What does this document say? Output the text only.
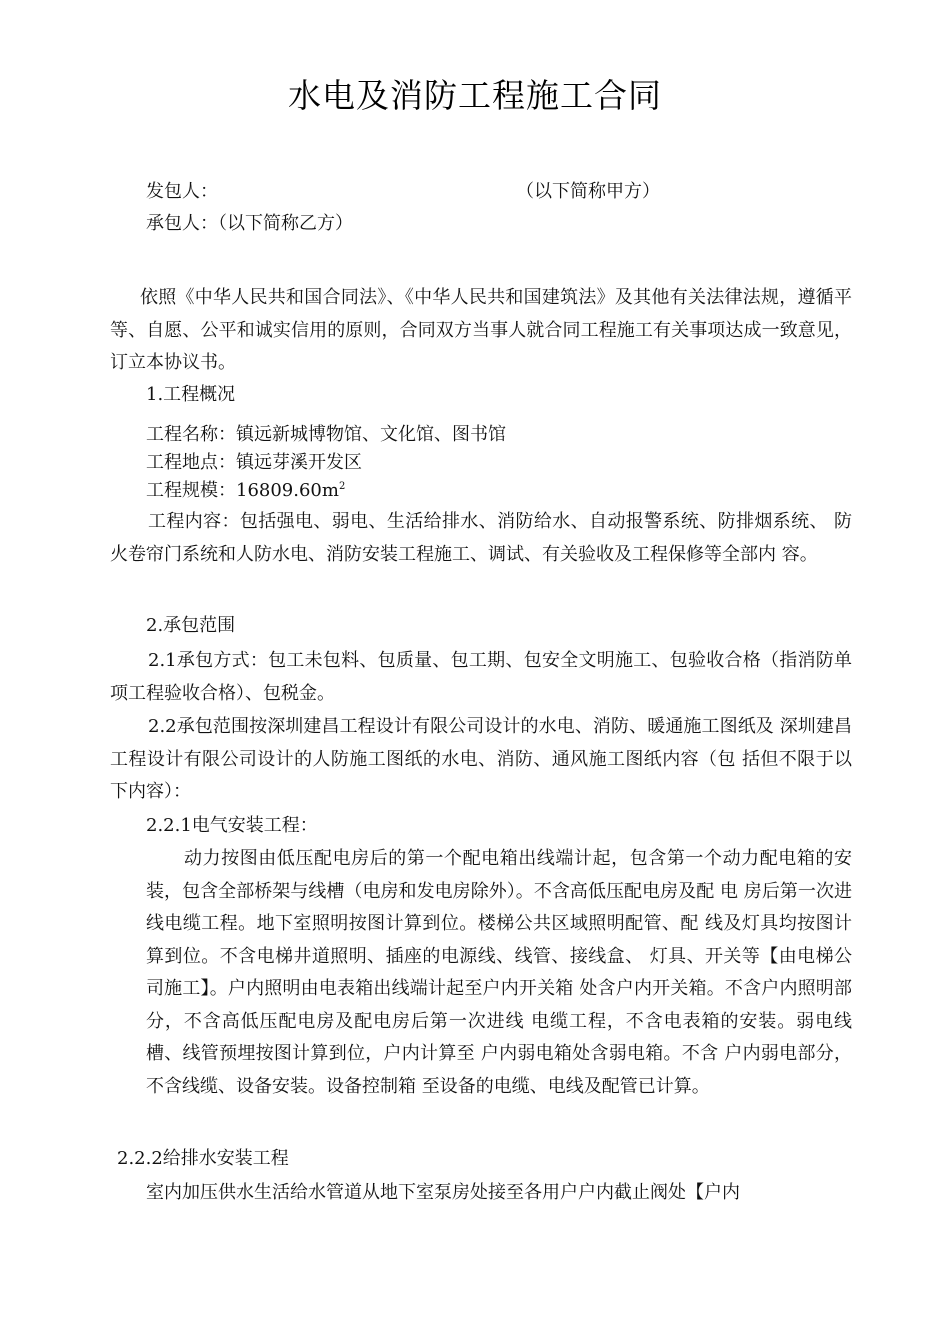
水电及消防工程施工合同
发包人：	（以下简称甲方）
承包人：（以下简称乙方）
依照《中华人民共和国合同法》、《中华人民共和国建筑法》及其他有关法律法规，遵循平等、自愿、公平和诚实信用的原则，合同双方当事人就合同工程施工有关事项达成一致意见，订立本协议书。
1.工程概况
工程名称：镇远新城博物馆、文化馆、图书馆
工程地点：镇远芽溪开发区
工程规模：$16809.60m^2$
工程内容：包括强电、弱电、生活给排水、消防给水、自动报警系统、防排烟系统、 防火卷帘门系统和人防水电、消防安装工程施工、调试、有关验收及工程保修等全部内 容。
2.承包范围
2.1承包方式：包工未包料、包质量、包工期、包安全文明施工、包验收合格（指消防单项工程验收合格）、包税金。
2.2承包范围按深圳建昌工程设计有限公司设计的水电、消防、暖通施工图纸及 深圳建昌工程设计有限公司设计的人防施工图纸的水电、消防、通风施工图纸内容（包 括但不限于以下内容）：
2.2.1电气安装工程：
动力按图由低压配电房后的第一个配电箱出线端计起，包含第一个动力配电箱的安装，包含全部桥架与线槽（电房和发电房除外）。不含高低压配电房及配 电 房后第一次进线电缆工程。地下室照明按图计算到位。楼梯公共区域照明配管、配 线及灯具均按图计算到位。不含电梯井道照明、插座的电源线、线管、接线盒、 灯具、开关等【由电梯公 司施工】。户内照明由电表箱出线端计起至户内开关箱 处含户内开关箱。不含户内照明部 分，不含高低压配电房及配电房后第一次进线 电缆工程，不含电表箱的安装。弱电线槽、线管预埋按图计算到位，户内计算至 户内弱电箱处含弱电箱。不含 户内弱电部分，不含线缆、设备安装。设备控制箱 至设备的电缆、电线及配管已计算。
2.2.2给排水安装工程
室内加压供水生活给水管道从地下室泵房处接至各用户户内截止阀处【户内
